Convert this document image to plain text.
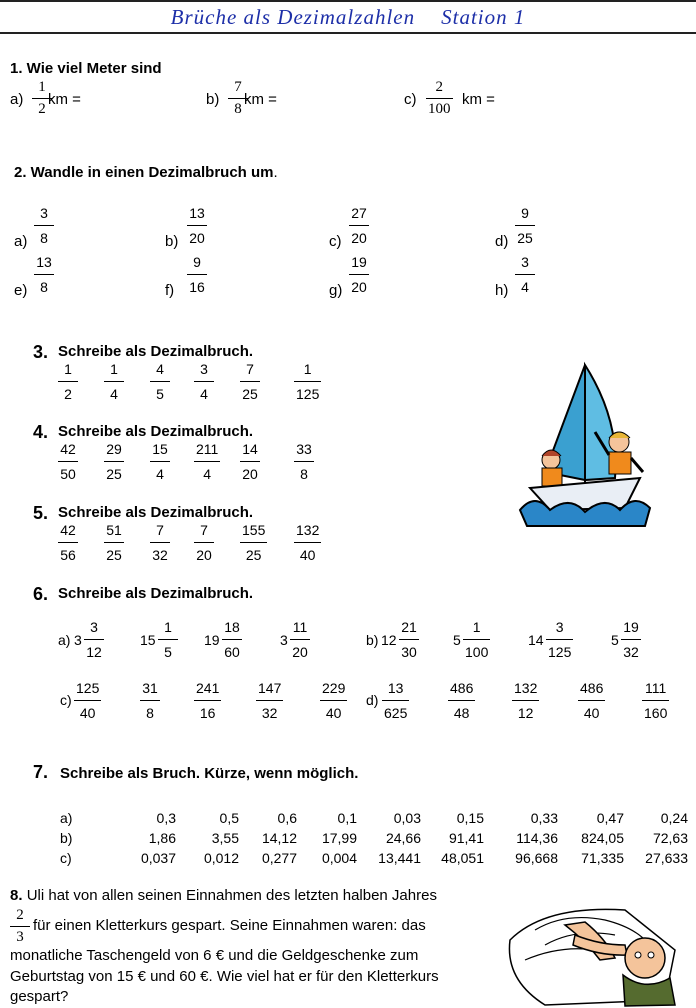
Brüche als Dezimalzahlen Station 1
1. Wie viel Meter sind
a)
1
2
km =	b)
7
8
km =	c)
2
100
km =
2. Wandle in einen Dezimalbruch um.
a)
3
8	b)
13
20	c)
27
20	d)
9
25
e)
13
8	f)
9
16	g)
19
20	h)
3
4
3. Schreibe als Dezimalbruch.
1
2
1
4
4
5
3
4
7
25
1
125
4. Schreibe als Dezimalbruch.
42
50
29
25
15
4
211
4
14
20
33
8
5. Schreibe als Dezimalbruch.
42
56
51
25
7
32
7
20
155
25
132
40
6. Schreibe als Dezimalbruch.
a) 3
3
12
15
1
5
19
18
60
3
11
20
b) 12
21
30
5
1
100
14
3
125
5
19
32
c)
125
40
31
8
241
16
147
32
229
40
d)
13
625
486
48
132
12
486
40
111
160
7. Schreibe als Bruch. Kürze, wenn möglich.
a)	0,3	0,5	0,6	0,1	0,03	0,15	0,33	0,47	0,24
b)	1,86	3,55 14,12 17,99 24,66 91,41 114,36 824,05 72,63
c)	0,037 0,012 0,277 0,004 13,441 48,051 96,668 71,335 27,633
8. Uli hat von allen seinen Einnahmen des letzten halben Jahres
2
3
für einen Kletterkurs gespart. Seine Einnahmen waren: das
monatliche Taschengeld von 6 € und die Geldgeschenke zum
Geburtstag von 15 € und 60 €. Wie viel hat er für den Kletterkurs
gespart?
